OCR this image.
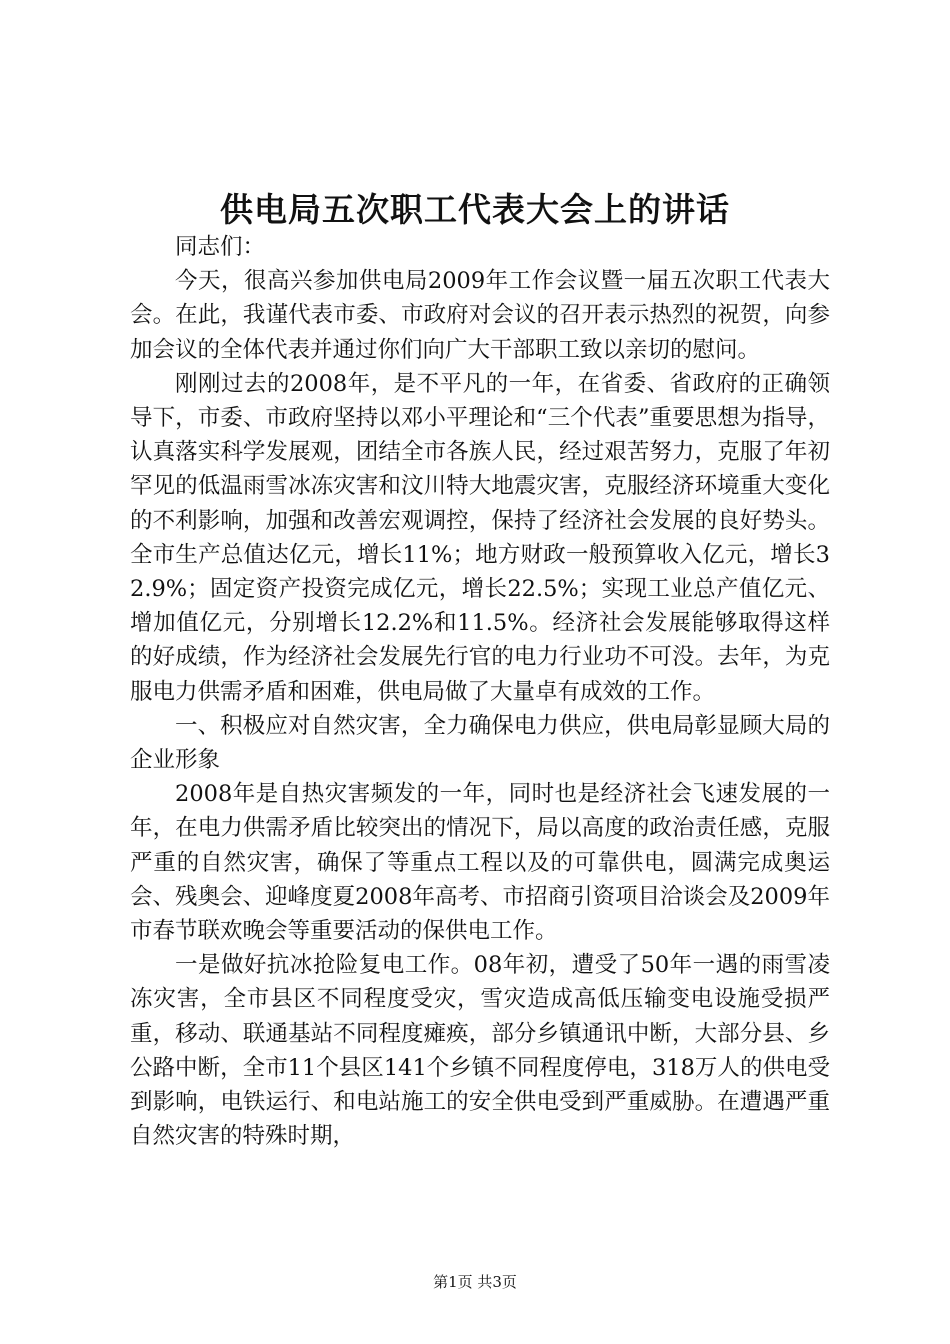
供电局五次职工代表大会上的讲话

同志们：

今天，很高兴参加供电局2009年工作会议暨一届五次职工代表大会。在此，我谨代表市委、市政府对会议的召开表示热烈的祝贺，向参加会议的全体代表并通过你们向广大干部职工致以亲切的慰问。

刚刚过去的2008年，是不平凡的一年，在省委、省政府的正确领导下，市委、市政府坚持以邓小平理论和“三个代表”重要思想为指导，认真落实科学发展观，团结全市各族人民，经过艰苦努力，克服了年初罕见的低温雨雪冰冻灾害和汶川特大地震灾害，克服经济环境重大变化的不利影响，加强和改善宏观调控，保持了经济社会发展的良好势头。全市生产总值达亿元，增长11%；地方财政一般预算收入亿元，增长32.9%；固定资产投资完成亿元，增长22.5%；实现工业总产值亿元、增加值亿元，分别增长12.2%和11.5%。经济社会发展能够取得这样的好成绩，作为经济社会发展先行官的电力行业功不可没。去年，为克服电力供需矛盾和困难，供电局做了大量卓有成效的工作。

一、积极应对自然灾害，全力确保电力供应，供电局彰显顾大局的企业形象

2008年是自热灾害频发的一年，同时也是经济社会飞速发展的一年，在电力供需矛盾比较突出的情况下，局以高度的政治责任感，克服严重的自然灾害，确保了等重点工程以及的可靠供电，圆满完成奥运会、残奥会、迎峰度夏2008年高考、市招商引资项目洽谈会及2009年市春节联欢晚会等重要活动的保供电工作。

一是做好抗冰抢险复电工作。08年初，遭受了50年一遇的雨雪凌冻灾害，全市县区不同程度受灾，雪灾造成高低压输变电设施受损严重，移动、联通基站不同程度瘫痪，部分乡镇通讯中断，大部分县、乡公路中断，全市11个县区141个乡镇不同程度停电，318万人的供电受到影响，电铁运行、和电站施工的安全供电受到严重威胁。在遭遇严重自然灾害的特殊时期，

第1页 共3页
